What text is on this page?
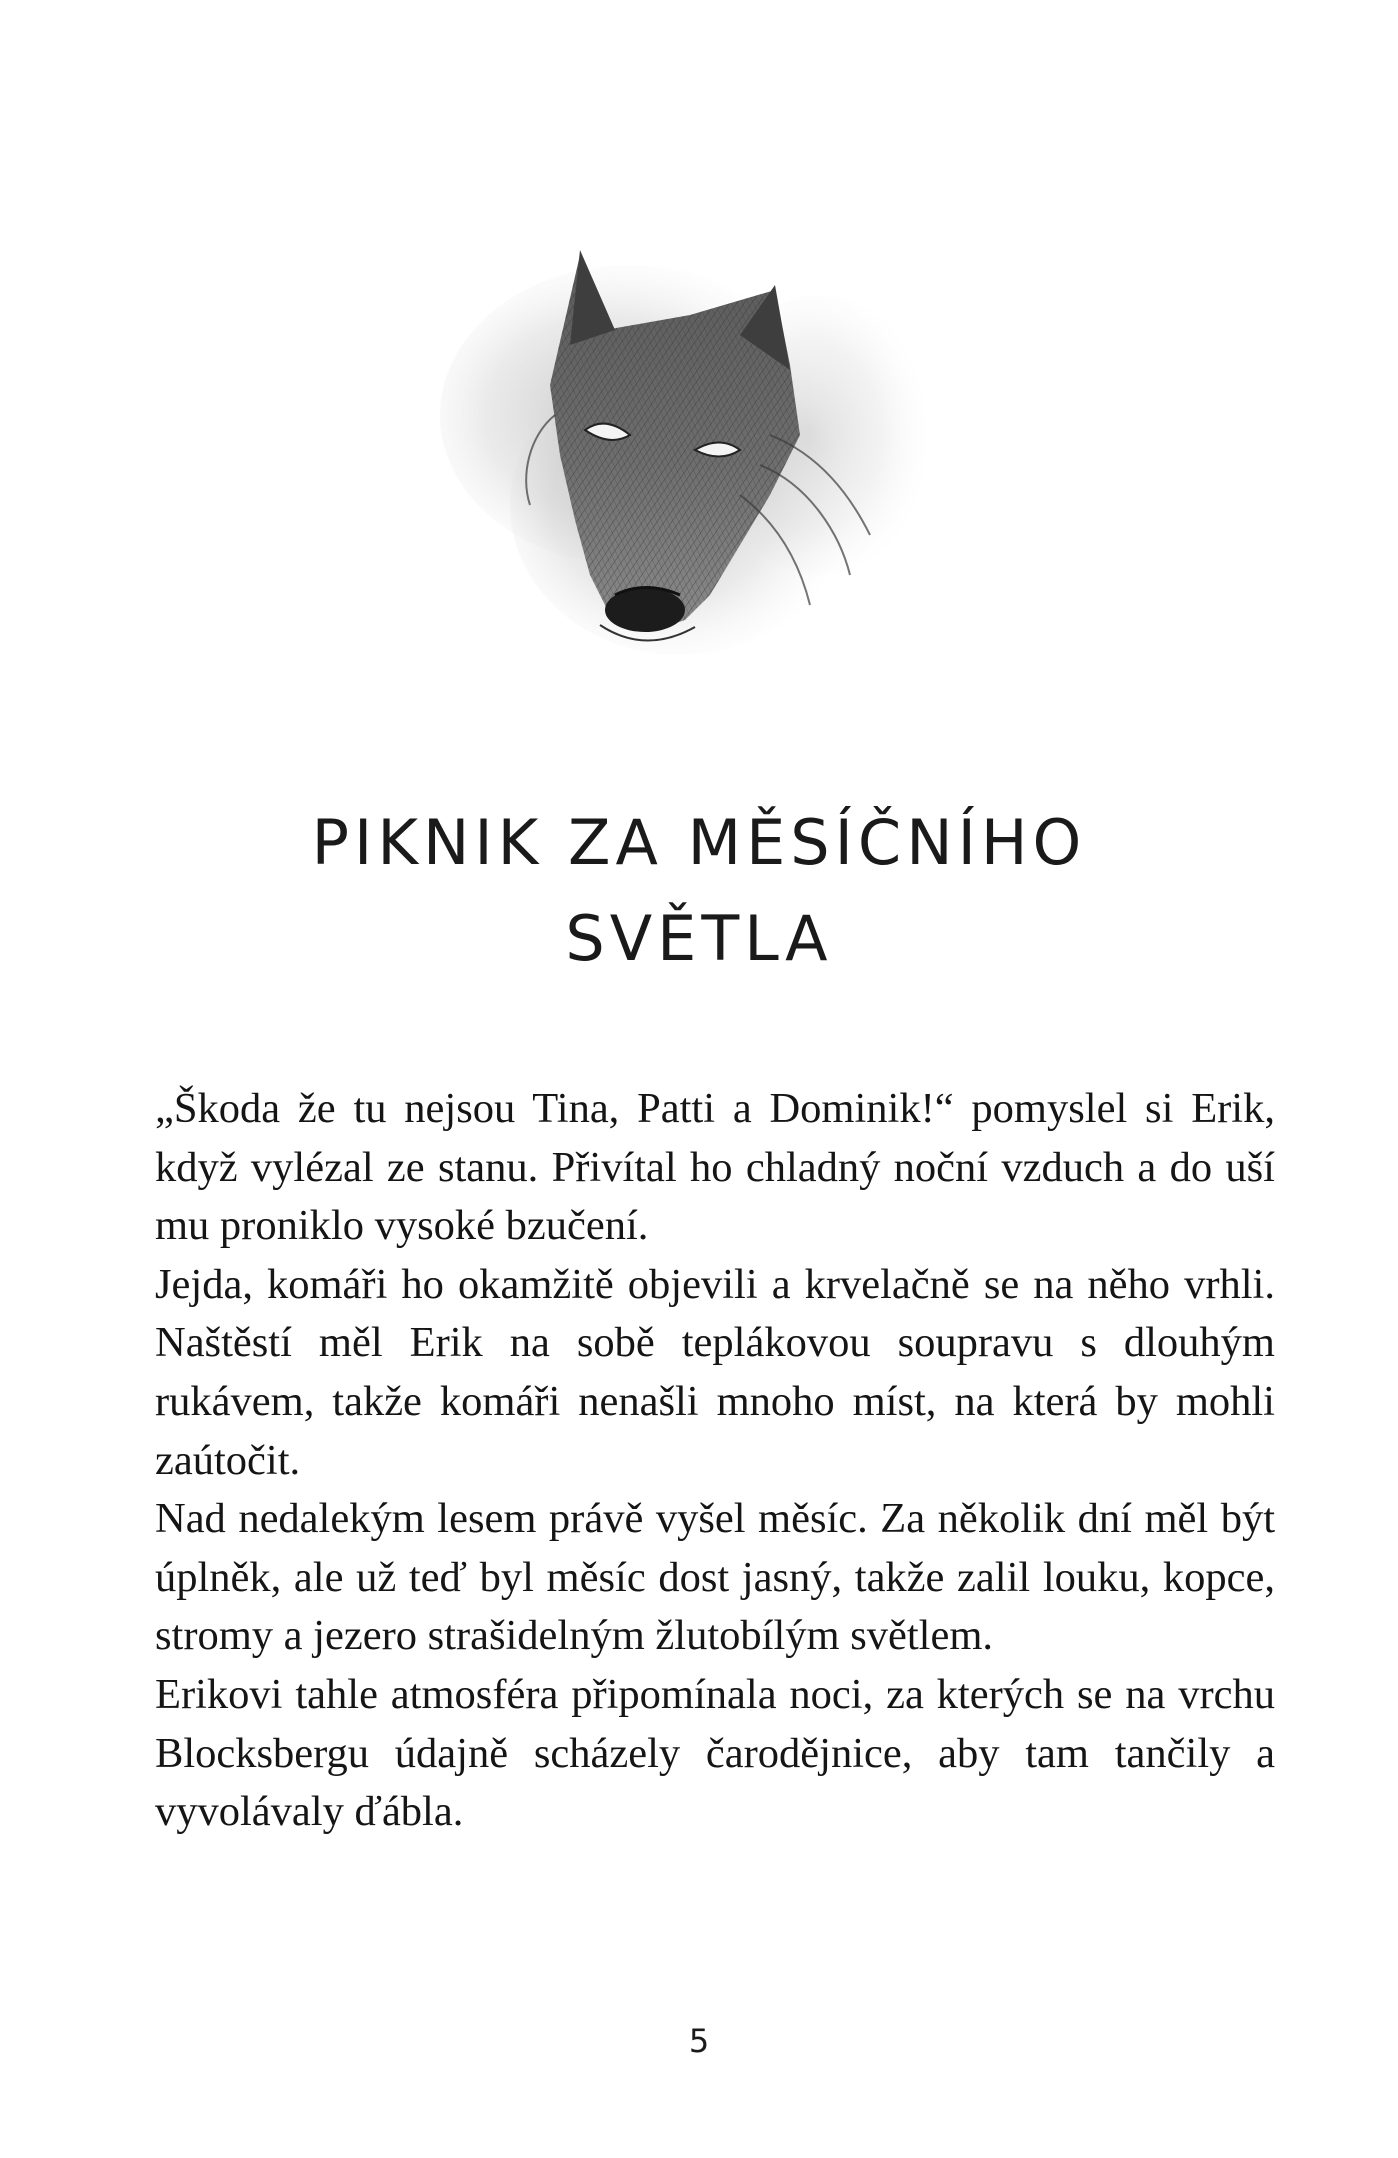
PIKNIK ZA MĚSÍČNÍHO
SVĚTLA

„Škoda že tu nejsou Tina, Patti a Dominik!“ pomyslel si Erik, když vylézal ze stanu. Přivítal ho chladný noční vzduch a do uší mu proniklo vysoké bzučení.

Jejda, komáři ho okamžitě objevili a krvelačně se na něho vrhli. Naštěstí měl Erik na sobě teplákovou soupravu s dlouhým rukávem, takže komáři nenašli mnoho míst, na která by mohli zaútočit.

Nad nedalekým lesem právě vyšel měsíc. Za několik dní měl být úplněk, ale už teď byl měsíc dost jasný, takže zalil louku, kopce, stromy a jezero strašidelným žlutobílým světlem.

Erikovi tahle atmosféra připomínala noci, za kterých se na vrchu Blocksbergu údajně scházely čarodějnice, aby tam tančily a vyvolávaly ďábla.

5
